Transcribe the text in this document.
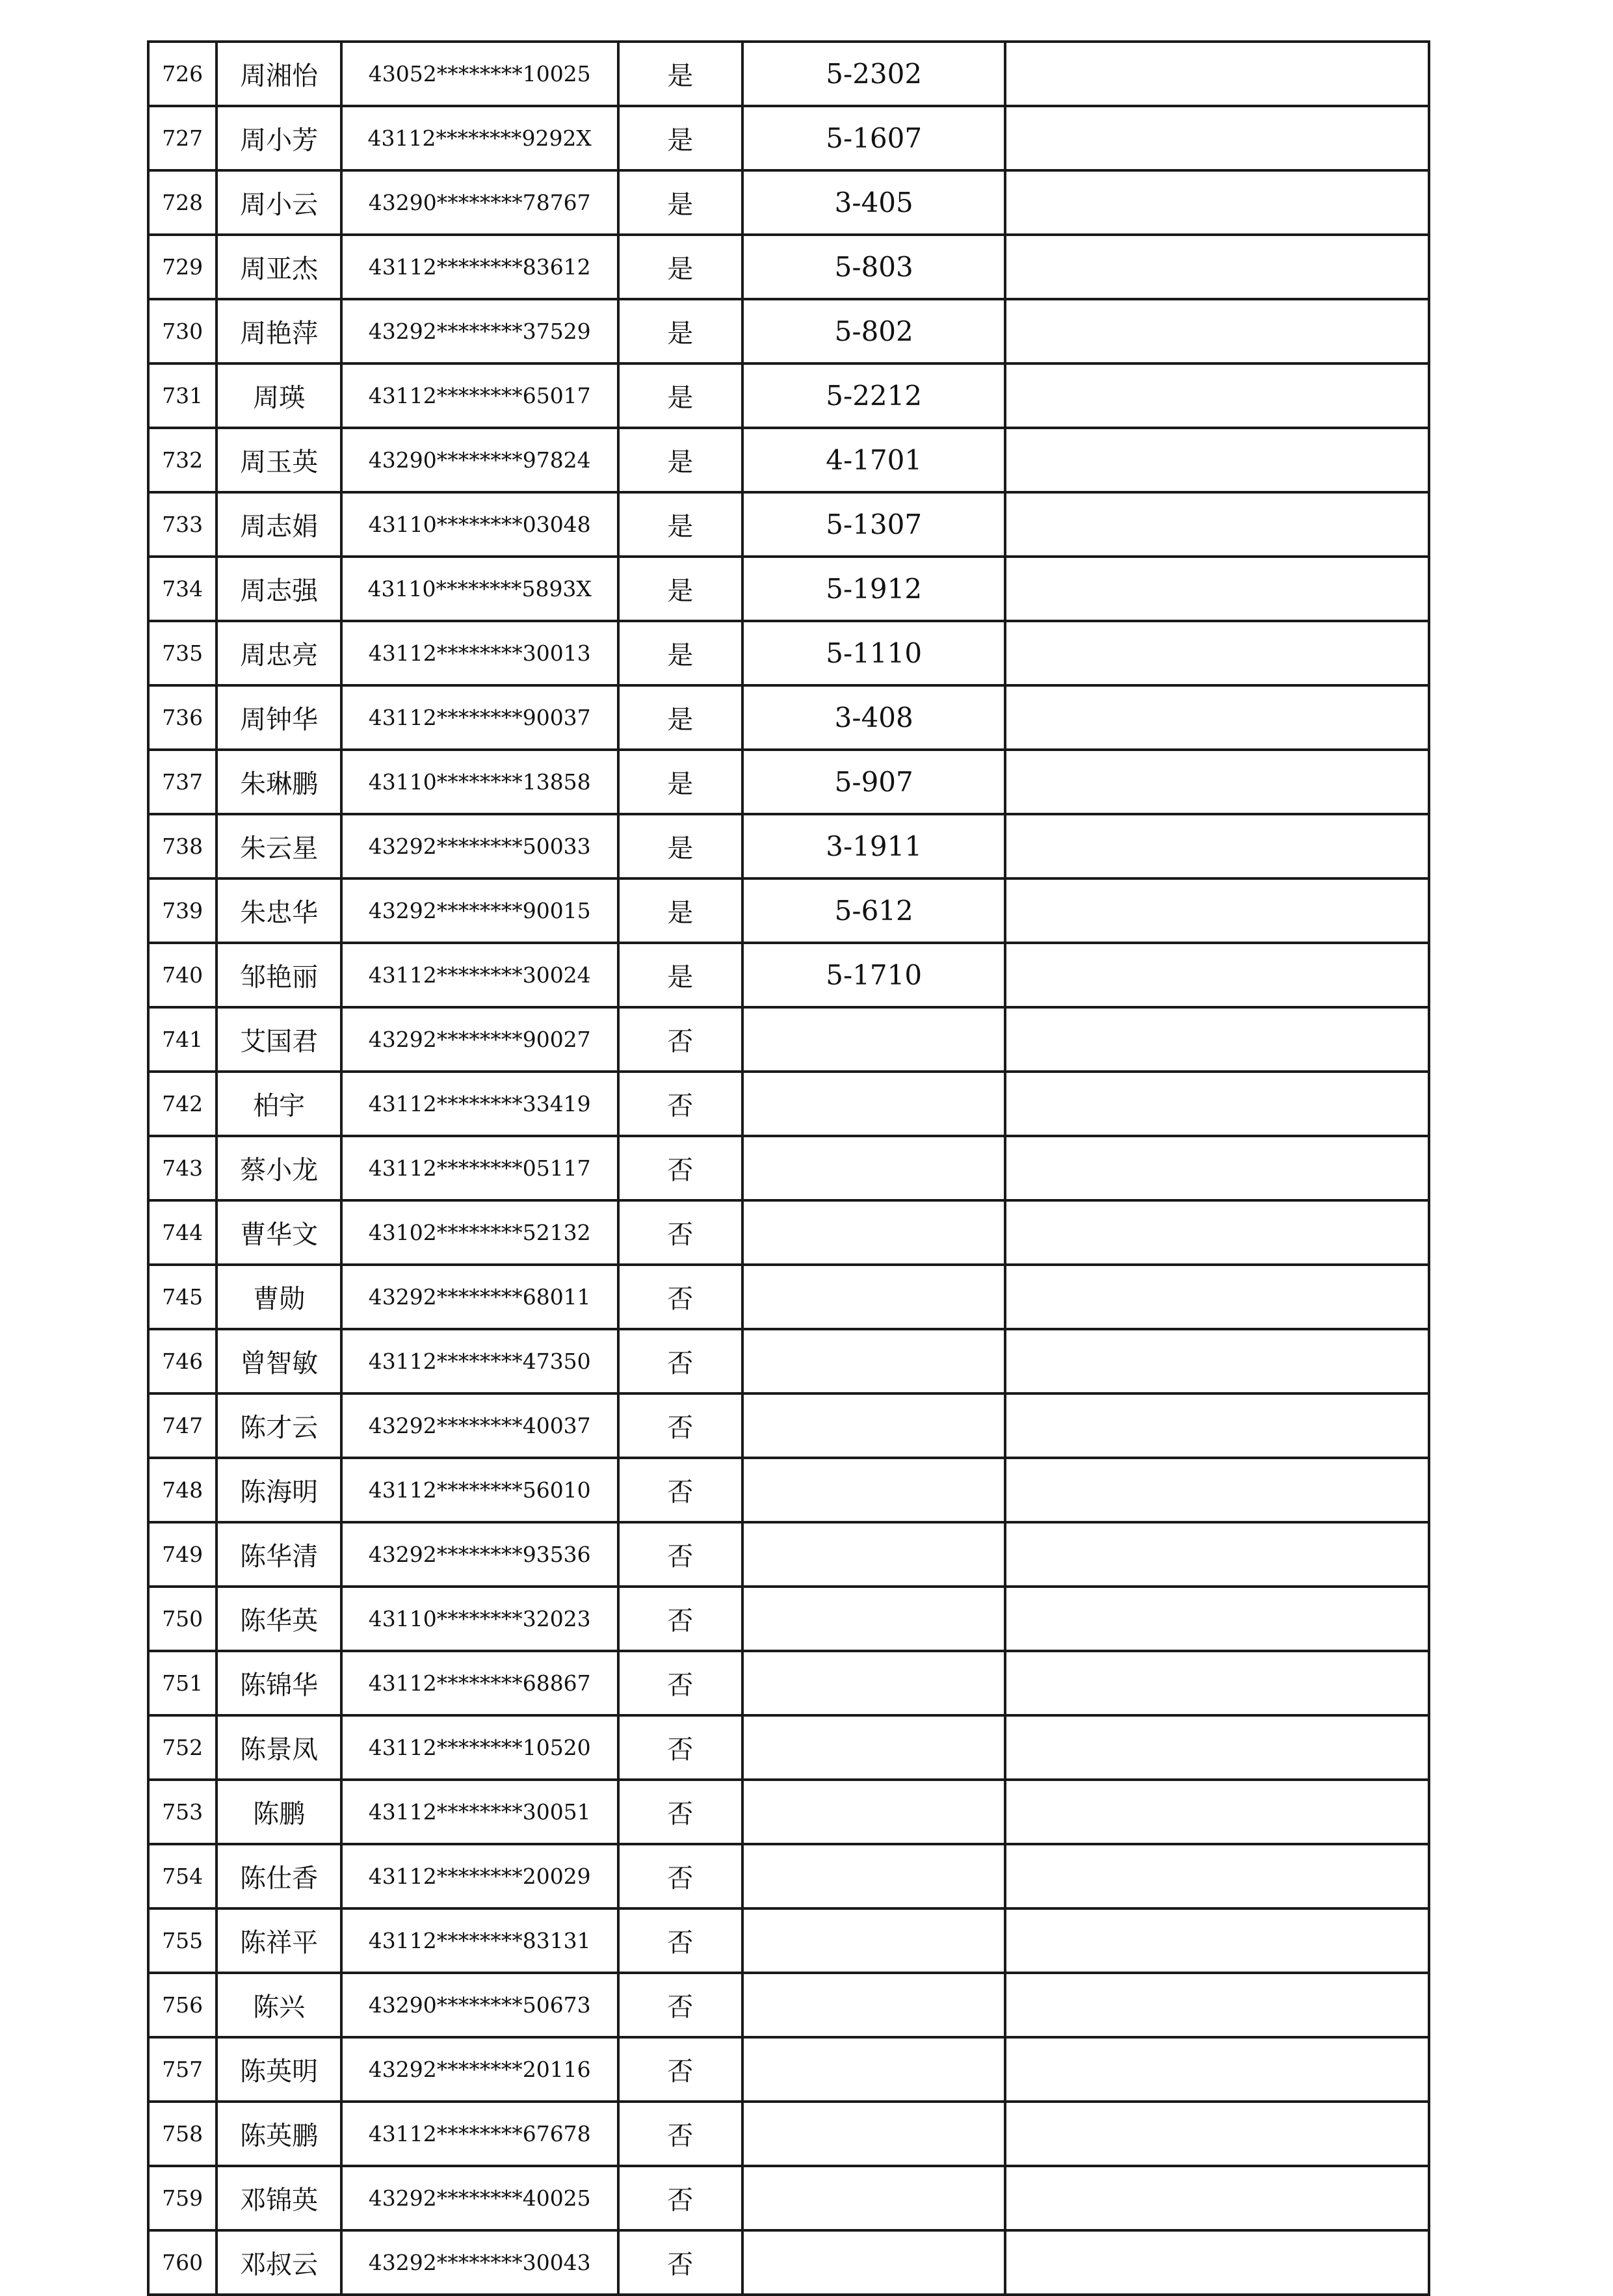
726	周湘怡	43052********10025	是	5-2302	
727	周小芳	43112********9292X	是	5-1607	
728	周小云	43290********78767	是	3-405	
729	周亚杰	43112********83612	是	5-803	
730	周艳萍	43292********37529	是	5-802	
731	周瑛	43112********65017	是	5-2212	
732	周玉英	43290********97824	是	4-1701	
733	周志娟	43110********03048	是	5-1307	
734	周志强	43110********5893X	是	5-1912	
735	周忠亮	43112********30013	是	5-1110	
736	周钟华	43112********90037	是	3-408	
737	朱琳鹏	43110********13858	是	5-907	
738	朱云星	43292********50033	是	3-1911	
739	朱忠华	43292********90015	是	5-612	
740	邹艳丽	43112********30024	是	5-1710	
741	艾国君	43292********90027	否		
742	柏宇	43112********33419	否		
743	蔡小龙	43112********05117	否		
744	曹华文	43102********52132	否		
745	曹勋	43292********68011	否		
746	曾智敏	43112********47350	否		
747	陈才云	43292********40037	否		
748	陈海明	43112********56010	否		
749	陈华清	43292********93536	否		
750	陈华英	43110********32023	否		
751	陈锦华	43112********68867	否		
752	陈景凤	43112********10520	否		
753	陈鹏	43112********30051	否		
754	陈仕香	43112********20029	否		
755	陈祥平	43112********83131	否		
756	陈兴	43290********50673	否		
757	陈英明	43292********20116	否		
758	陈英鹏	43112********67678	否		
759	邓锦英	43292********40025	否		
760	邓叔云	43292********30043	否		
